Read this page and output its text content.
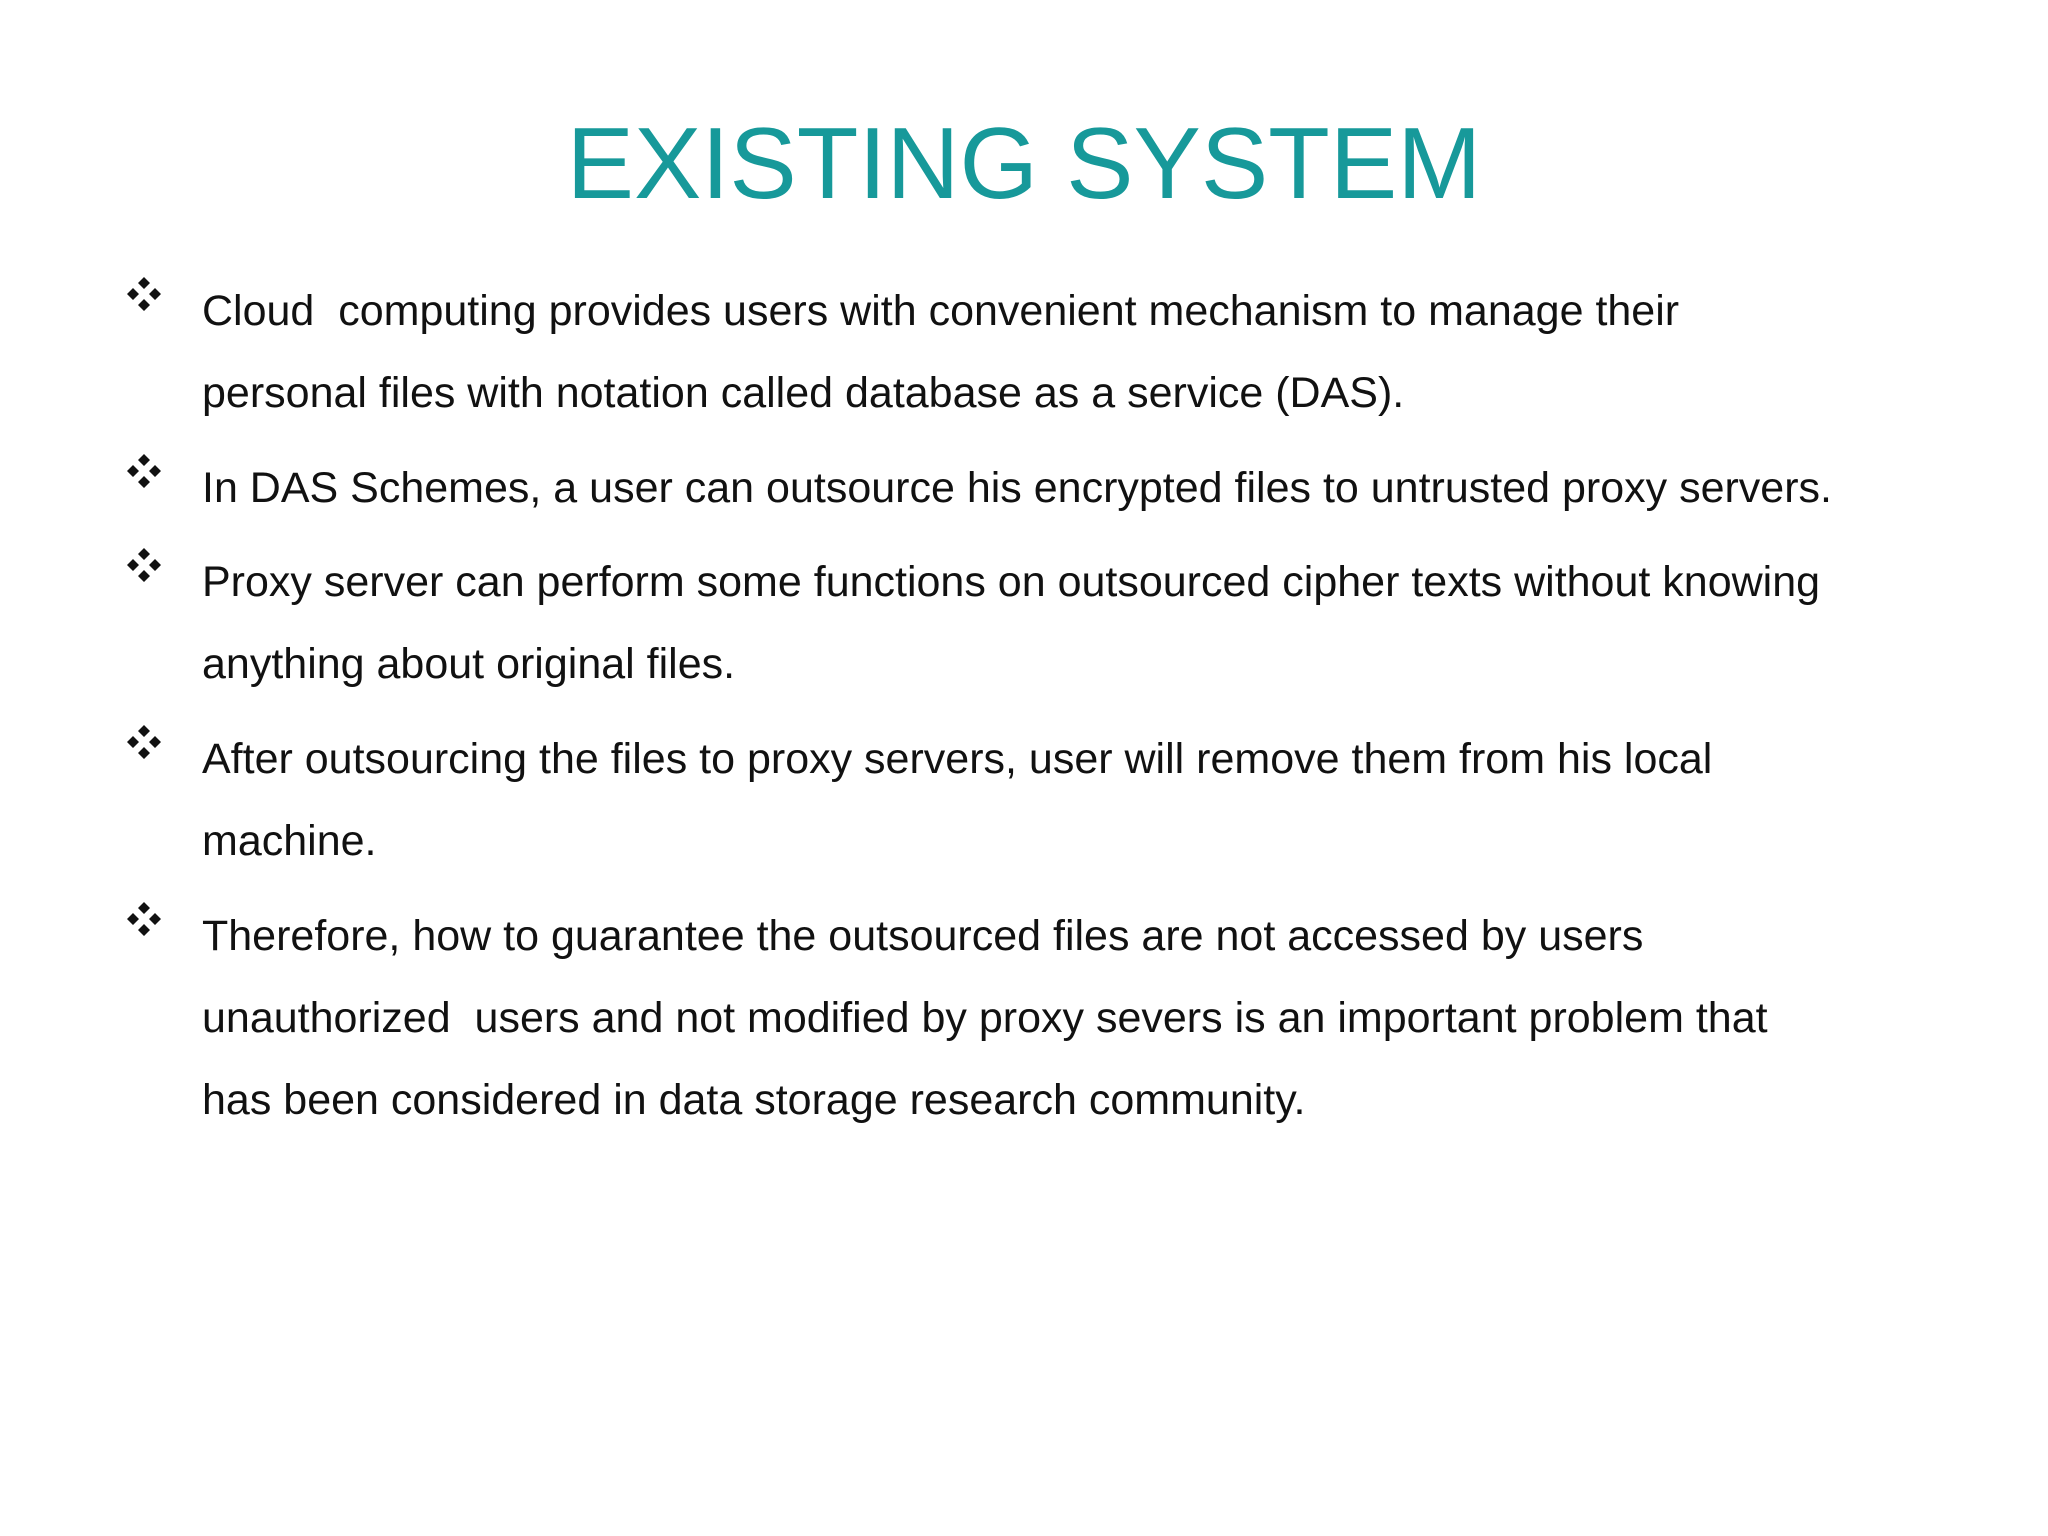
EXISTING SYSTEM
Cloud  computing provides users with convenient mechanism to manage their
personal files with notation called database as a service (DAS).
In DAS Schemes, a user can outsource his encrypted files to untrusted proxy servers.
Proxy server can perform some functions on outsourced cipher texts without knowing
anything about original files.
After outsourcing the files to proxy servers, user will remove them from his local
machine.
Therefore, how to guarantee the outsourced files are not accessed by users
unauthorized  users and not modified by proxy severs is an important problem that
has been considered in data storage research community.
